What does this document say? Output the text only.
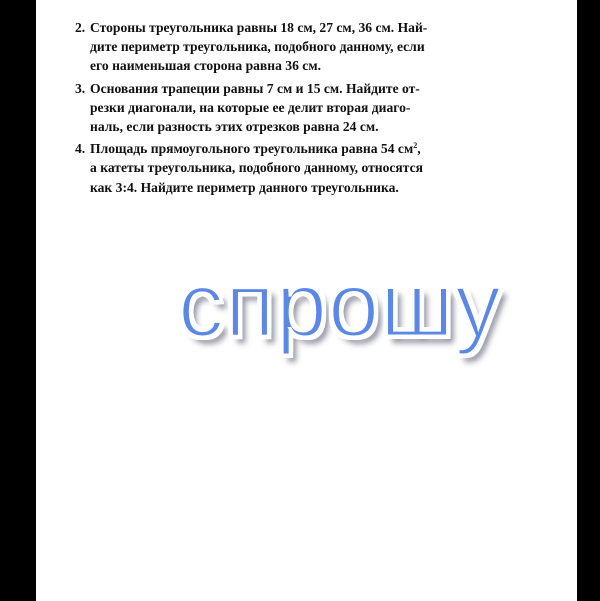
2. Стороны треугольника равны 18 см, 27 см, 36 см. Най-
дите периметр треугольника, подобного данному, если
его наименьшая сторона равна 36 см.
3. Основания трапеции равны 7 см и 15 см. Найдите от-
резки диагонали, на которые ее делит вторая диаго-
наль, если разность этих отрезков равна 24 см.
4. Площадь прямоугольного треугольника равна 54 $см^2$,
а катеты треугольника, подобного данному, относятся
как 3:4. Найдите периметр данного треугольника.
спрошу
